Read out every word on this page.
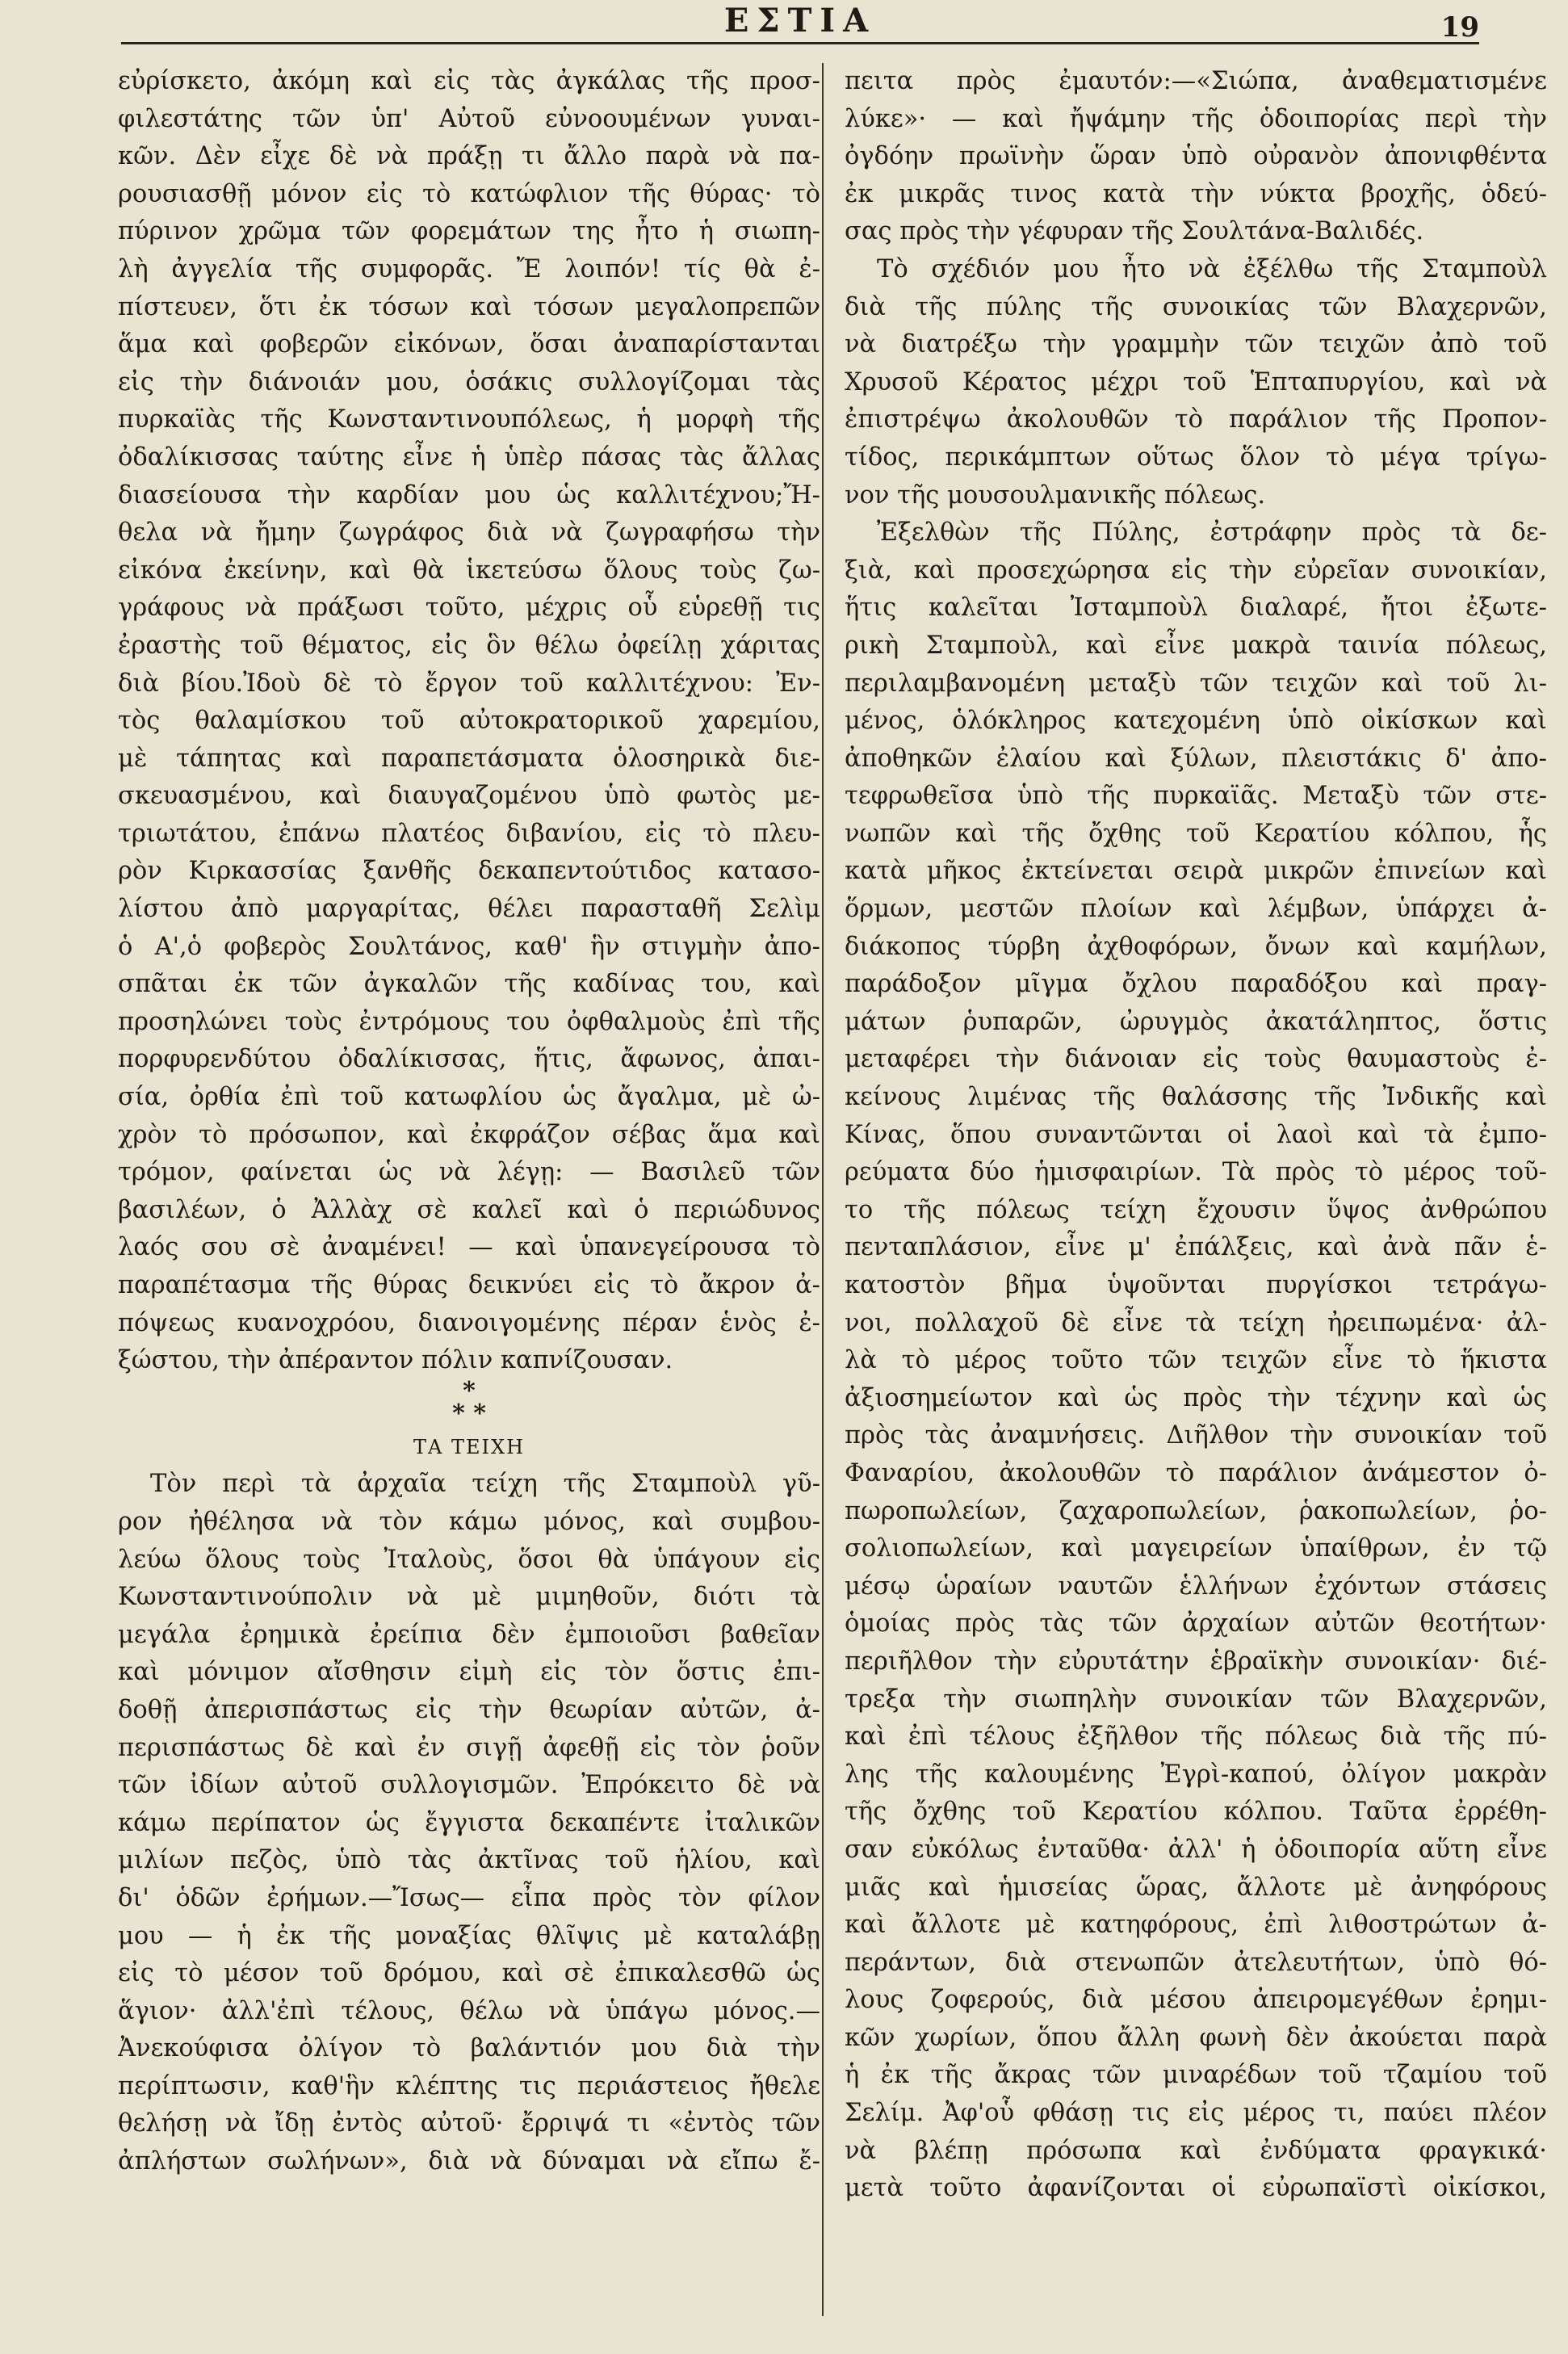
ΕΣΤΙΑ	19
εὐρίσκετο, ἀκόμη καὶ εἰς τὰς ἀγκάλας τῆς προσ-
φιλεστάτης τῶν ὑπ' Αὐτοῦ εὐνοουμένων γυναι-
κῶν. Δὲν εἶχε δὲ νὰ πράξῃ τι ἄλλο παρὰ νὰ πα-
ρουσιασθῇ μόνον εἰς τὸ κατώφλιον τῆς θύρας· τὸ
πύρινον χρῶμα τῶν φορεμάτων της ἦτο ἡ σιωπη-
λὴ ἀγγελία τῆς συμφορᾶς. Ἔ λοιπόν! τίς θὰ ἐ-
πίστευεν, ὅτι ἐκ τόσων καὶ τόσων μεγαλοπρεπῶν
ἅμα καὶ φοβερῶν εἰκόνων, ὅσαι ἀναπαρίστανται
εἰς τὴν διάνοιάν μου, ὁσάκις συλλογίζομαι τὰς
πυρκαϊὰς τῆς Κωνσταντινουπόλεως, ἡ μορφὴ τῆς
ὀδαλίκισσας ταύτης εἶνε ἡ ὑπὲρ πάσας τὰς ἄλλας
διασείουσα τὴν καρδίαν μου ὡς καλλιτέχνου;Ἤ-
θελα νὰ ἤμην ζωγράφος διὰ νὰ ζωγραφήσω τὴν
εἰκόνα ἐκείνην, καὶ θὰ ἱκετεύσω ὅλους τοὺς ζω-
γράφους νὰ πράξωσι τοῦτο, μέχρις οὗ εὑρεθῇ τις
ἐραστὴς τοῦ θέματος, εἰς ὃν θέλω ὀφείλῃ χάριτας
διὰ βίου.Ἰδοὺ δὲ τὸ ἔργον τοῦ καλλιτέχνου: Ἐν-
τὸς θαλαμίσκου τοῦ αὐτοκρατορικοῦ χαρεμίου,
μὲ τάπητας καὶ παραπετάσματα ὁλοσηρικὰ διε-
σκευασμένου, καὶ διαυγαζομένου ὑπὸ φωτὸς με-
τριωτάτου, ἐπάνω πλατέος διβανίου, εἰς τὸ πλευ-
ρὸν Κιρκασσίας ξανθῆς δεκαπεντούτιδος κατασο-
λίστου ἀπὸ μαργαρίτας, θέλει παρασταθῆ Σελὶμ
ὁ Α',ὁ φοβερὸς Σουλτάνος, καθ' ἣν στιγμὴν ἀπο-
σπᾶται ἐκ τῶν ἀγκαλῶν τῆς καδίνας του, καὶ
προσηλώνει τοὺς ἐντρόμους του ὀφθαλμοὺς ἐπὶ τῆς
πορφυρενδύτου ὀδαλίκισσας, ἥτις, ἄφωνος, ἀπαι-
σία, ὀρθία ἐπὶ τοῦ κατωφλίου ὡς ἄγαλμα, μὲ ὠ-
χρὸν τὸ πρόσωπον, καὶ ἐκφράζον σέβας ἅμα καὶ
τρόμον, φαίνεται ὡς νὰ λέγῃ: — Βασιλεῦ τῶν
βασιλέων, ὁ Ἀλλὰχ σὲ καλεῖ καὶ ὁ περιώδυνος
λαός σου σὲ ἀναμένει! — καὶ ὑπανεγείρουσα τὸ
παραπέτασμα τῆς θύρας δεικνύει εἰς τὸ ἄκρον ἀ-
πόψεως κυανοχρόου, διανοιγομένης πέραν ἑνὸς ἐ-
ξώστου, τὴν ἀπέραντον πόλιν καπνίζουσαν.
*
* *
ΤΑ ΤΕΙΧΗ
Τὸν περὶ τὰ ἀρχαῖα τείχη τῆς Σταμποὺλ γῦ-
ρον ἠθέλησα νὰ τὸν κάμω μόνος, καὶ συμβου-
λεύω ὅλους τοὺς Ἰταλοὺς, ὅσοι θὰ ὑπάγουν εἰς
Κωνσταντινούπολιν νὰ μὲ μιμηθοῦν, διότι τὰ
μεγάλα ἐρημικὰ ἐρείπια δὲν ἐμποιοῦσι βαθεῖαν
καὶ μόνιμον αἴσθησιν εἰμὴ εἰς τὸν ὅστις ἐπι-
δοθῇ ἀπερισπάστως εἰς τὴν θεωρίαν αὐτῶν, ἀ-
περισπάστως δὲ καὶ ἐν σιγῇ ἀφεθῇ εἰς τὸν ῥοῦν
τῶν ἰδίων αὐτοῦ συλλογισμῶν. Ἐπρόκειτο δὲ νὰ
κάμω περίπατον ὡς ἔγγιστα δεκαπέντε ἰταλικῶν
μιλίων πεζὸς, ὑπὸ τὰς ἀκτῖνας τοῦ ἡλίου, καὶ
δι' ὁδῶν ἐρήμων.—Ἴσως— εἶπα πρὸς τὸν φίλον
μου — ἡ ἐκ τῆς μοναξίας θλῖψις μὲ καταλάβῃ
εἰς τὸ μέσον τοῦ δρόμου, καὶ σὲ ἐπικαλεσθῶ ὡς
ἅγιον· ἀλλ'ἐπὶ τέλους, θέλω νὰ ὑπάγω μόνος.—
Ἀνεκούφισα ὀλίγον τὸ βαλάντιόν μου διὰ τὴν
περίπτωσιν, καθ'ἣν κλέπτης τις περιάστειος ἤθελε
θελήσῃ νὰ ἴδῃ ἐντὸς αὐτοῦ· ἔρριψά τι «ἐντὸς τῶν
ἀπλήστων σωλήνων», διὰ νὰ δύναμαι νὰ εἴπω ἔ-
πειτα πρὸς ἐμαυτόν:—«Σιώπα, ἀναθεματισμένε
λύκε»· — καὶ ἤψάμην τῆς ὁδοιπορίας περὶ τὴν
ὀγδόην πρωϊνὴν ὥραν ὑπὸ οὐρανὸν ἀπονιφθέντα
ἐκ μικρᾶς τινος κατὰ τὴν νύκτα βροχῆς, ὁδεύ-
σας πρὸς τὴν γέφυραν τῆς Σουλτάνα-Βαλιδές.
Τὸ σχέδιόν μου ἦτο νὰ ἐξέλθω τῆς Σταμποὺλ
διὰ τῆς πύλης τῆς συνοικίας τῶν Βλαχερνῶν,
νὰ διατρέξω τὴν γραμμὴν τῶν τειχῶν ἀπὸ τοῦ
Χρυσοῦ Κέρατος μέχρι τοῦ Ἑπταπυργίου, καὶ νὰ
ἐπιστρέψω ἀκολουθῶν τὸ παράλιον τῆς Προπον-
τίδος, περικάμπτων οὕτως ὅλον τὸ μέγα τρίγω-
νον τῆς μουσουλμανικῆς πόλεως.
Ἐξελθὼν τῆς Πύλης, ἐστράφην πρὸς τὰ δε-
ξιὰ, καὶ προσεχώρησα εἰς τὴν εὐρεῖαν συνοικίαν,
ἥτις καλεῖται Ἰσταμποὺλ διαλαρέ, ἤτοι ἐξωτε-
ρικὴ Σταμποὺλ, καὶ εἶνε μακρὰ ταινία πόλεως,
περιλαμβανομένη μεταξὺ τῶν τειχῶν καὶ τοῦ λι-
μένος, ὁλόκληρος κατεχομένη ὑπὸ οἰκίσκων καὶ
ἀποθηκῶν ἐλαίου καὶ ξύλων, πλειστάκις δ' ἀπο-
τεφρωθεῖσα ὑπὸ τῆς πυρκαϊᾶς. Μεταξὺ τῶν στε-
νωπῶν καὶ τῆς ὄχθης τοῦ Κερατίου κόλπου, ἧς
κατὰ μῆκος ἐκτείνεται σειρὰ μικρῶν ἐπινείων καὶ
ὅρμων, μεστῶν πλοίων καὶ λέμβων, ὑπάρχει ἀ-
διάκοπος τύρβη ἀχθοφόρων, ὄνων καὶ καμήλων,
παράδοξον μῖγμα ὄχλου παραδόξου καὶ πραγ-
μάτων ῥυπαρῶν, ὠρυγμὸς ἀκατάληπτος, ὅστις
μεταφέρει τὴν διάνοιαν εἰς τοὺς θαυμαστοὺς ἐ-
κείνους λιμένας τῆς θαλάσσης τῆς Ἰνδικῆς καὶ
Κίνας, ὅπου συναντῶνται οἱ λαοὶ καὶ τὰ ἐμπο-
ρεύματα δύο ἡμισφαιρίων. Τὰ πρὸς τὸ μέρος τοῦ-
το τῆς πόλεως τείχη ἔχουσιν ὕψος ἀνθρώπου
πενταπλάσιον, εἶνε μ' ἐπάλξεις, καὶ ἀνὰ πᾶν ἑ-
κατοστὸν βῆμα ὑψοῦνται πυργίσκοι τετράγω-
νοι, πολλαχοῦ δὲ εἶνε τὰ τείχη ἠρειπωμένα· ἀλ-
λὰ τὸ μέρος τοῦτο τῶν τειχῶν εἶνε τὸ ἥκιστα
ἀξιοσημείωτον καὶ ὡς πρὸς τὴν τέχνην καὶ ὡς
πρὸς τὰς ἀναμνήσεις. Διῆλθον τὴν συνοικίαν τοῦ
Φαναρίου, ἀκολουθῶν τὸ παράλιον ἀνάμεστον ὀ-
πωροπωλείων, ζαχαροπωλείων, ῥακοπωλείων, ῥο-
σολιοπωλείων, καὶ μαγειρείων ὑπαίθρων, ἐν τῷ
μέσῳ ὡραίων ναυτῶν ἑλλήνων ἐχόντων στάσεις
ὁμοίας πρὸς τὰς τῶν ἀρχαίων αὐτῶν θεοτήτων·
περιῆλθον τὴν εὐρυτάτην ἑβραϊκὴν συνοικίαν· διέ-
τρεξα τὴν σιωπηλὴν συνοικίαν τῶν Βλαχερνῶν,
καὶ ἐπὶ τέλους ἐξῆλθον τῆς πόλεως διὰ τῆς πύ-
λης τῆς καλουμένης Ἐγρὶ-καπού, ὀλίγον μακρὰν
τῆς ὄχθης τοῦ Κερατίου κόλπου. Ταῦτα ἐρρέθη-
σαν εὐκόλως ἐνταῦθα· ἀλλ' ἡ ὁδοιπορία αὕτη εἶνε
μιᾶς καὶ ἡμισείας ὥρας, ἄλλοτε μὲ ἀνηφόρους
καὶ ἄλλοτε μὲ κατηφόρους, ἐπὶ λιθοστρώτων ἀ-
περάντων, διὰ στενωπῶν ἀτελευτήτων, ὑπὸ θό-
λους ζοφερούς, διὰ μέσου ἀπειρομεγέθων ἐρημι-
κῶν χωρίων, ὅπου ἄλλη φωνὴ δὲν ἀκούεται παρὰ
ἡ ἐκ τῆς ἄκρας τῶν μιναρέδων τοῦ τζαμίου τοῦ
Σελίμ. Ἀφ'οὗ φθάσῃ τις εἰς μέρος τι, παύει πλέον
νὰ βλέπῃ πρόσωπα καὶ ἐνδύματα φραγκικά·
μετὰ τοῦτο ἀφανίζονται οἱ εὐρωπαϊστὶ οἰκίσκοι,
